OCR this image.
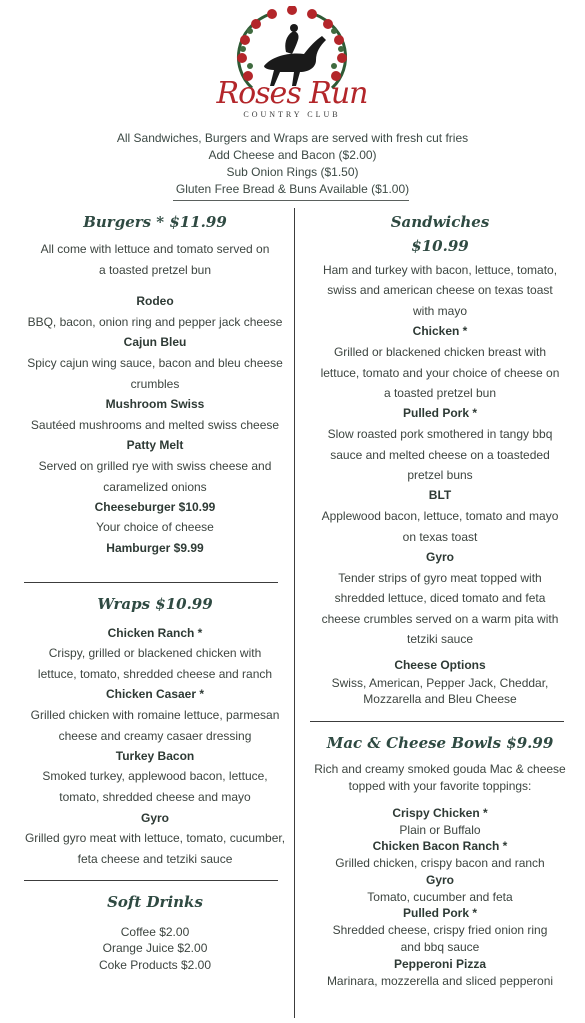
Roses Run
COUNTRY CLUB
All Sandwiches, Burgers and Wraps are served with fresh cut fries
Add Cheese and Bacon ($2.00)
Sub Onion Rings ($1.50)
Gluten Free Bread & Buns Available ($1.00)
Burgers * $11.99
All come with lettuce and tomato served on
a toasted pretzel bun
Rodeo
BBQ, bacon, onion ring and pepper jack cheese
Cajun Bleu
Spicy cajun wing sauce, bacon and bleu cheese
crumbles
Mushroom Swiss
Sautéed mushrooms and melted swiss cheese
Patty Melt
Served on grilled rye with swiss cheese and
caramelized onions
Cheeseburger $10.99
Your choice of cheese
Hamburger $9.99
Wraps $10.99
Chicken Ranch *
Crispy, grilled or blackened chicken with
lettuce, tomato, shredded cheese and ranch
Chicken Casaer *
Grilled chicken with romaine lettuce, parmesan
cheese and creamy casaer dressing
Turkey Bacon
Smoked turkey, applewood bacon, lettuce,
tomato, shredded cheese and mayo
Gyro
Grilled gyro meat with lettuce, tomato, cucumber,
feta cheese and tetziki sauce
Soft Drinks
Coffee $2.00
Orange Juice $2.00
Coke Products $2.00
Sandwiches
$10.99
Ham and turkey with bacon, lettuce, tomato,
swiss and american cheese on texas toast
with mayo
Chicken *
Grilled or blackened chicken breast with
lettuce, tomato and your choice of cheese on
a toasted pretzel bun
Pulled Pork *
Slow roasted pork smothered in tangy bbq
sauce and melted cheese on a toasteded
pretzel buns
BLT
Applewood bacon, lettuce, tomato and mayo
on texas toast
Gyro
Tender strips of gyro meat topped with
shredded lettuce, diced tomato and feta
cheese crumbles served on a warm pita with
tetziki sauce
Cheese Options
Swiss, American, Pepper Jack, Cheddar,
Mozzarella and Bleu Cheese
Mac & Cheese Bowls $9.99
Rich and creamy smoked gouda Mac & cheese
topped with your favorite toppings:
Crispy Chicken *
Plain or Buffalo
Chicken Bacon Ranch *
Grilled chicken, crispy bacon and ranch
Gyro
Tomato, cucumber and feta
Pulled Pork *
Shredded cheese, crispy fried onion ring
and bbq sauce
Pepperoni Pizza
Marinara, mozzerella and sliced pepperoni
